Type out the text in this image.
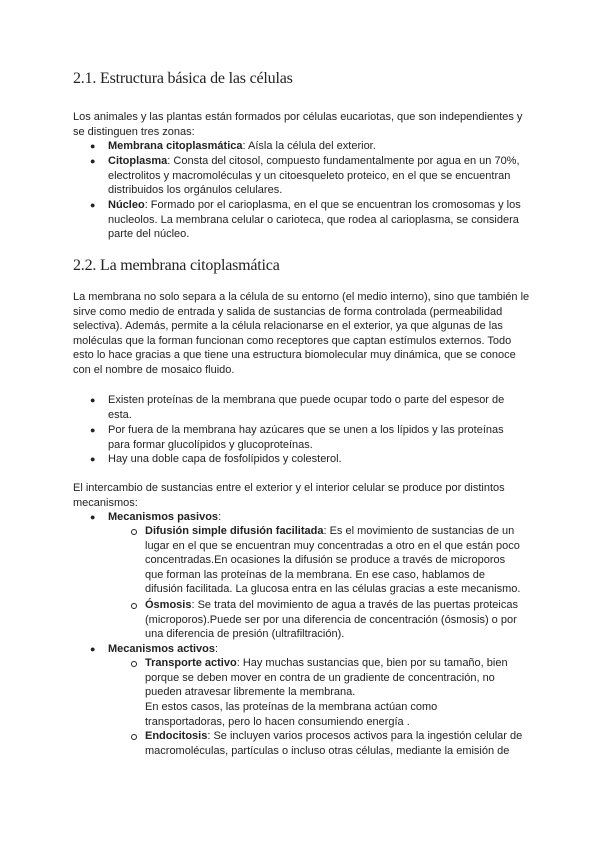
2.1. Estructura básica de las células

Los animales y las plantas están formados por células eucariotas, que son independientes y se distinguen tres zonas:

● Membrana citoplasmática: Aísla la célula del exterior.

● Citoplasma: Consta del citosol, compuesto fundamentalmente por agua en un 70%, electrolitos y macromoléculas y un citoesqueleto proteico, en el que se encuentran distribuidos los orgánulos celulares.

● Núcleo: Formado por el carioplasma, en el que se encuentran los cromosomas y los nucleolos. La membrana celular o carioteca, que rodea al carioplasma, se considera parte del núcleo.

2.2. La membrana citoplasmática

La membrana no solo separa a la célula de su entorno (el medio interno), sino que también le sirve como medio de entrada y salida de sustancias de forma controlada (permeabilidad selectiva). Además, permite a la célula relacionarse en el exterior, ya que algunas de las moléculas que la forman funcionan como receptores que captan estímulos externos. Todo esto lo hace gracias a que tiene una estructura biomolecular muy dinámica, que se conoce con el nombre de mosaico fluido.

● Existen proteínas de la membrana que puede ocupar todo o parte del espesor de esta.

● Por fuera de la membrana hay azúcares que se unen a los lípidos y las proteínas para formar glucolípidos y glucoproteínas.

● Hay una doble capa de fosfolípidos y colesterol.

El intercambio de sustancias entre el exterior y el interior celular se produce por distintos mecanismos:

● Mecanismos pasivos:

Difusión simple difusión facilitada: Es el movimiento de sustancias de un lugar en el que se encuentran muy concentradas a otro en el que están poco concentradas.En ocasiones la difusión se produce a través de microporos que forman las proteínas de la membrana. En ese caso, hablamos de difusión facilitada. La glucosa entra en las células gracias a este mecanismo.

Ósmosis: Se trata del movimiento de agua a través de las puertas proteicas (microporos).Puede ser por una diferencia de concentración (ósmosis) o por una diferencia de presión (ultrafiltración).

● Mecanismos activos:

Transporte activo: Hay muchas sustancias que, bien por su tamaño, bien porque se deben mover en contra de un gradiente de concentración, no pueden atravesar libremente la membrana.

En estos casos, las proteínas de la membrana actúan como transportadoras, pero lo hacen consumiendo energía .

Endocitosis: Se incluyen varios procesos activos para la ingestión celular de macromoléculas, partículas o incluso otras células, mediante la emisión de
